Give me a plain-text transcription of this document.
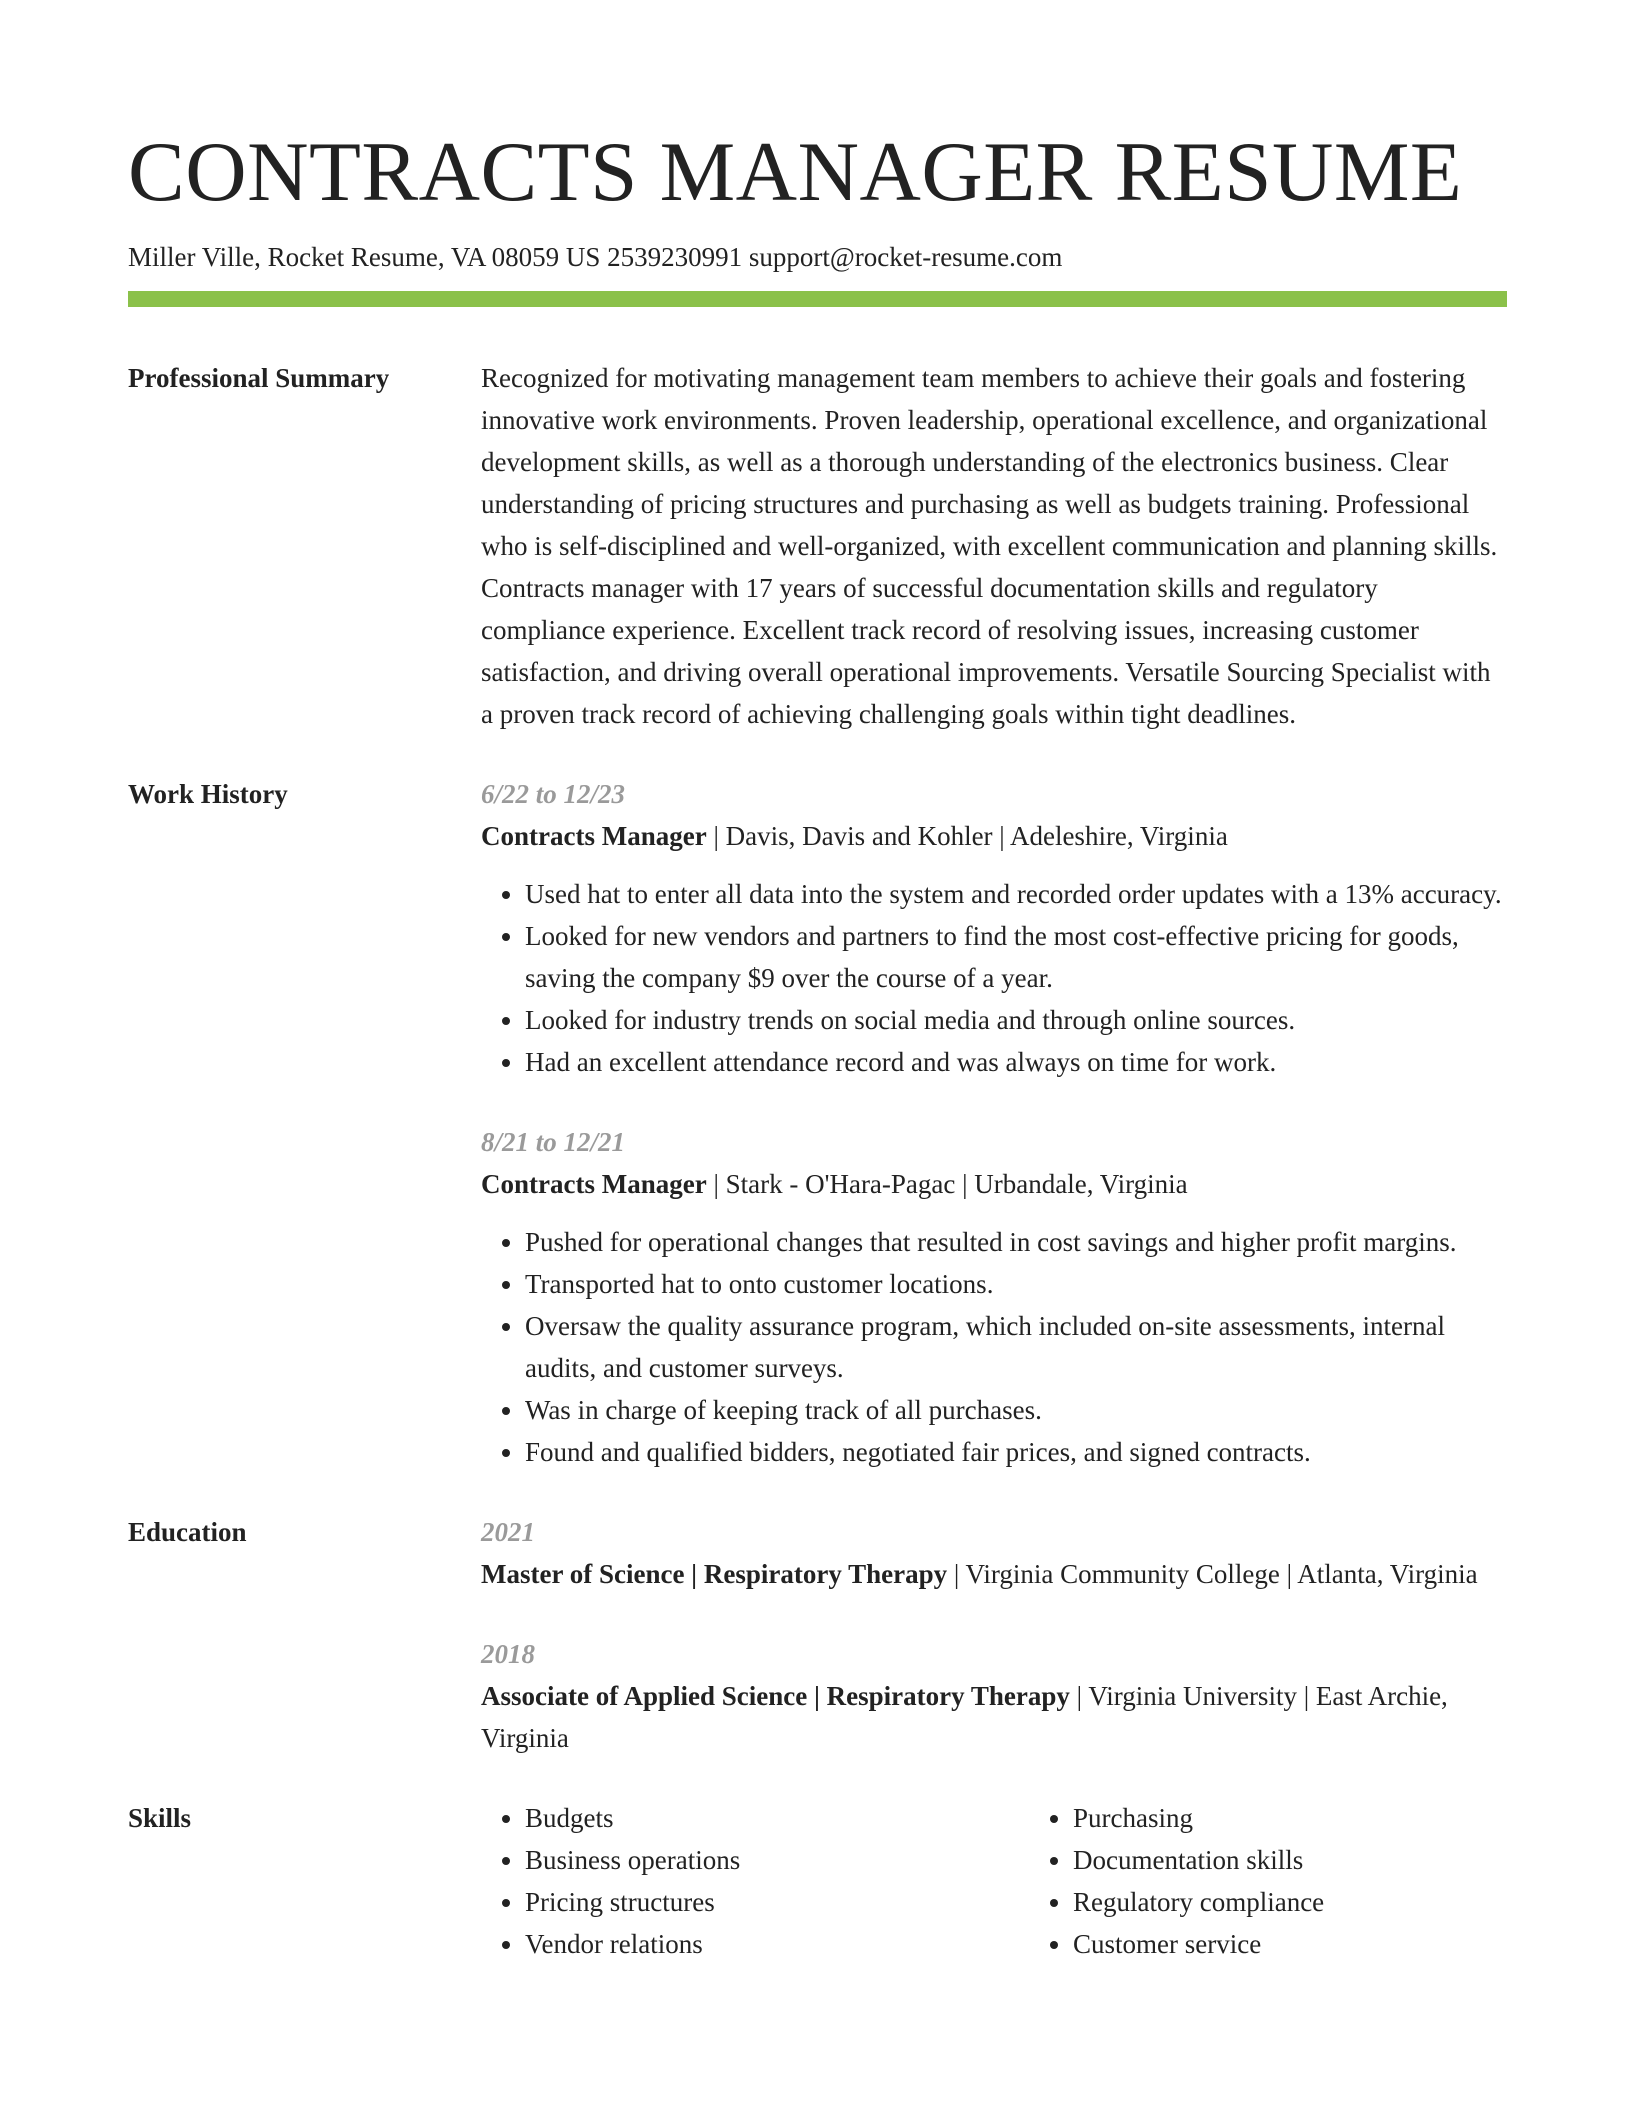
CONTRACTS MANAGER RESUME
Miller Ville, Rocket Resume, VA 08059 US 2539230991 support@rocket-resume.com
Professional Summary	Recognized for motivating management team members to achieve their goals and fostering innovative work environments. Proven leadership, operational excellence, and organizational development skills, as well as a thorough understanding of the electronics business. Clear understanding of pricing structures and purchasing as well as budgets training. Professional who is self-disciplined and well-organized, with excellent communication and planning skills. Contracts manager with 17 years of successful documentation skills and regulatory compliance experience. Excellent track record of resolving issues, increasing customer satisfaction, and driving overall operational improvements. Versatile Sourcing Specialist with a proven track record of achieving challenging goals within tight deadlines.

Work History	6/22 to 12/23
Contracts Manager | Davis, Davis and Kohler | Adeleshire, Virginia
• Used hat to enter all data into the system and recorded order updates with a 13% accuracy.
• Looked for new vendors and partners to find the most cost-effective pricing for goods, saving the company $9 over the course of a year.
• Looked for industry trends on social media and through online sources.
• Had an excellent attendance record and was always on time for work.
8/21 to 12/21
Contracts Manager | Stark - O'Hara-Pagac | Urbandale, Virginia
• Pushed for operational changes that resulted in cost savings and higher profit margins.
• Transported hat to onto customer locations.
• Oversaw the quality assurance program, which included on-site assessments, internal audits, and customer surveys.
• Was in charge of keeping track of all purchases.
• Found and qualified bidders, negotiated fair prices, and signed contracts.
Education	2021
Master of Science | Respiratory Therapy | Virginia Community College | Atlanta, Virginia
2018
Associate of Applied Science | Respiratory Therapy | Virginia University | East Archie, Virginia
Skills
•	Budgets
• Business operations
• Pricing structures
• Vendor relations
• Purchasing
• Documentation skills
• Regulatory compliance
• Customer service
